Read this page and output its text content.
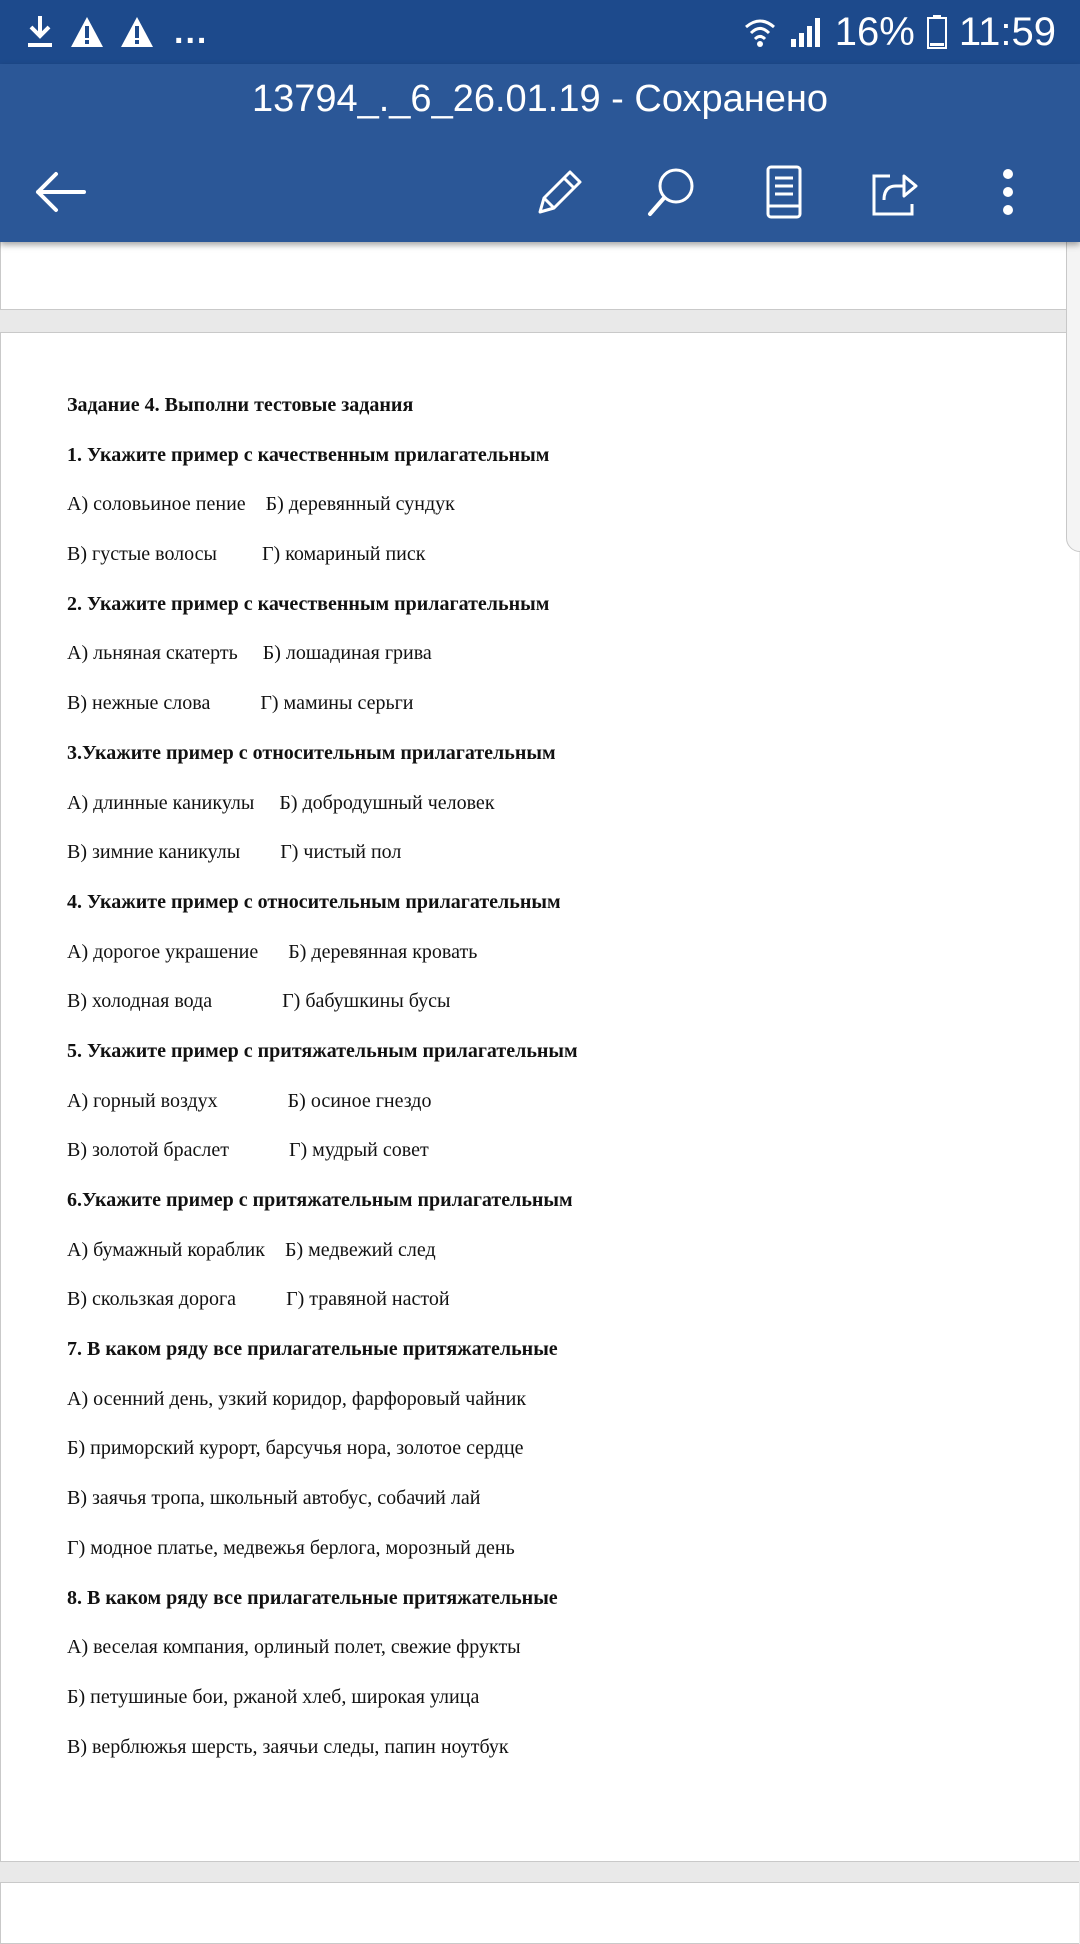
...	16% 11:59
13794_._6_26.01.19 - Сохранено
Задание 4. Выполни тестовые задания
1. Укажите пример с качественным прилагательным
А) соловьиное пение    Б) деревянный сундук
В) густые волосы         Г) комариный писк
2. Укажите пример с качественным прилагательным
А) льняная скатерть     Б) лошадиная грива
В) нежные слова          Г) мамины серьги
3.Укажите пример с относительным прилагательным
А) длинные каникулы     Б) добродушный человек
В) зимние каникулы        Г) чистый пол
4. Укажите пример с относительным прилагательным
А) дорогое украшение      Б) деревянная кровать
В) холодная вода              Г) бабушкины бусы
5. Укажите пример с притяжательным прилагательным
А) горный воздух              Б) осиное гнездо
В) золотой браслет            Г) мудрый совет
6.Укажите пример с притяжательным прилагательным
А) бумажный кораблик    Б) медвежий след
В) скользкая дорога          Г) травяной настой
7. В каком ряду все прилагательные притяжательные
А) осенний день, узкий коридор, фарфоровый чайник
Б) приморский курорт, барсучья нора, золотое сердце
В) заячья тропа, школьный автобус, собачий лай
Г) модное платье, медвежья берлога, морозный день
8. В каком ряду все прилагательные притяжательные
А) веселая компания, орлиный полет, свежие фрукты
Б) петушиные бои, ржаной хлеб, широкая улица
В) верблюжья шерсть, заячьи следы, папин ноутбук
